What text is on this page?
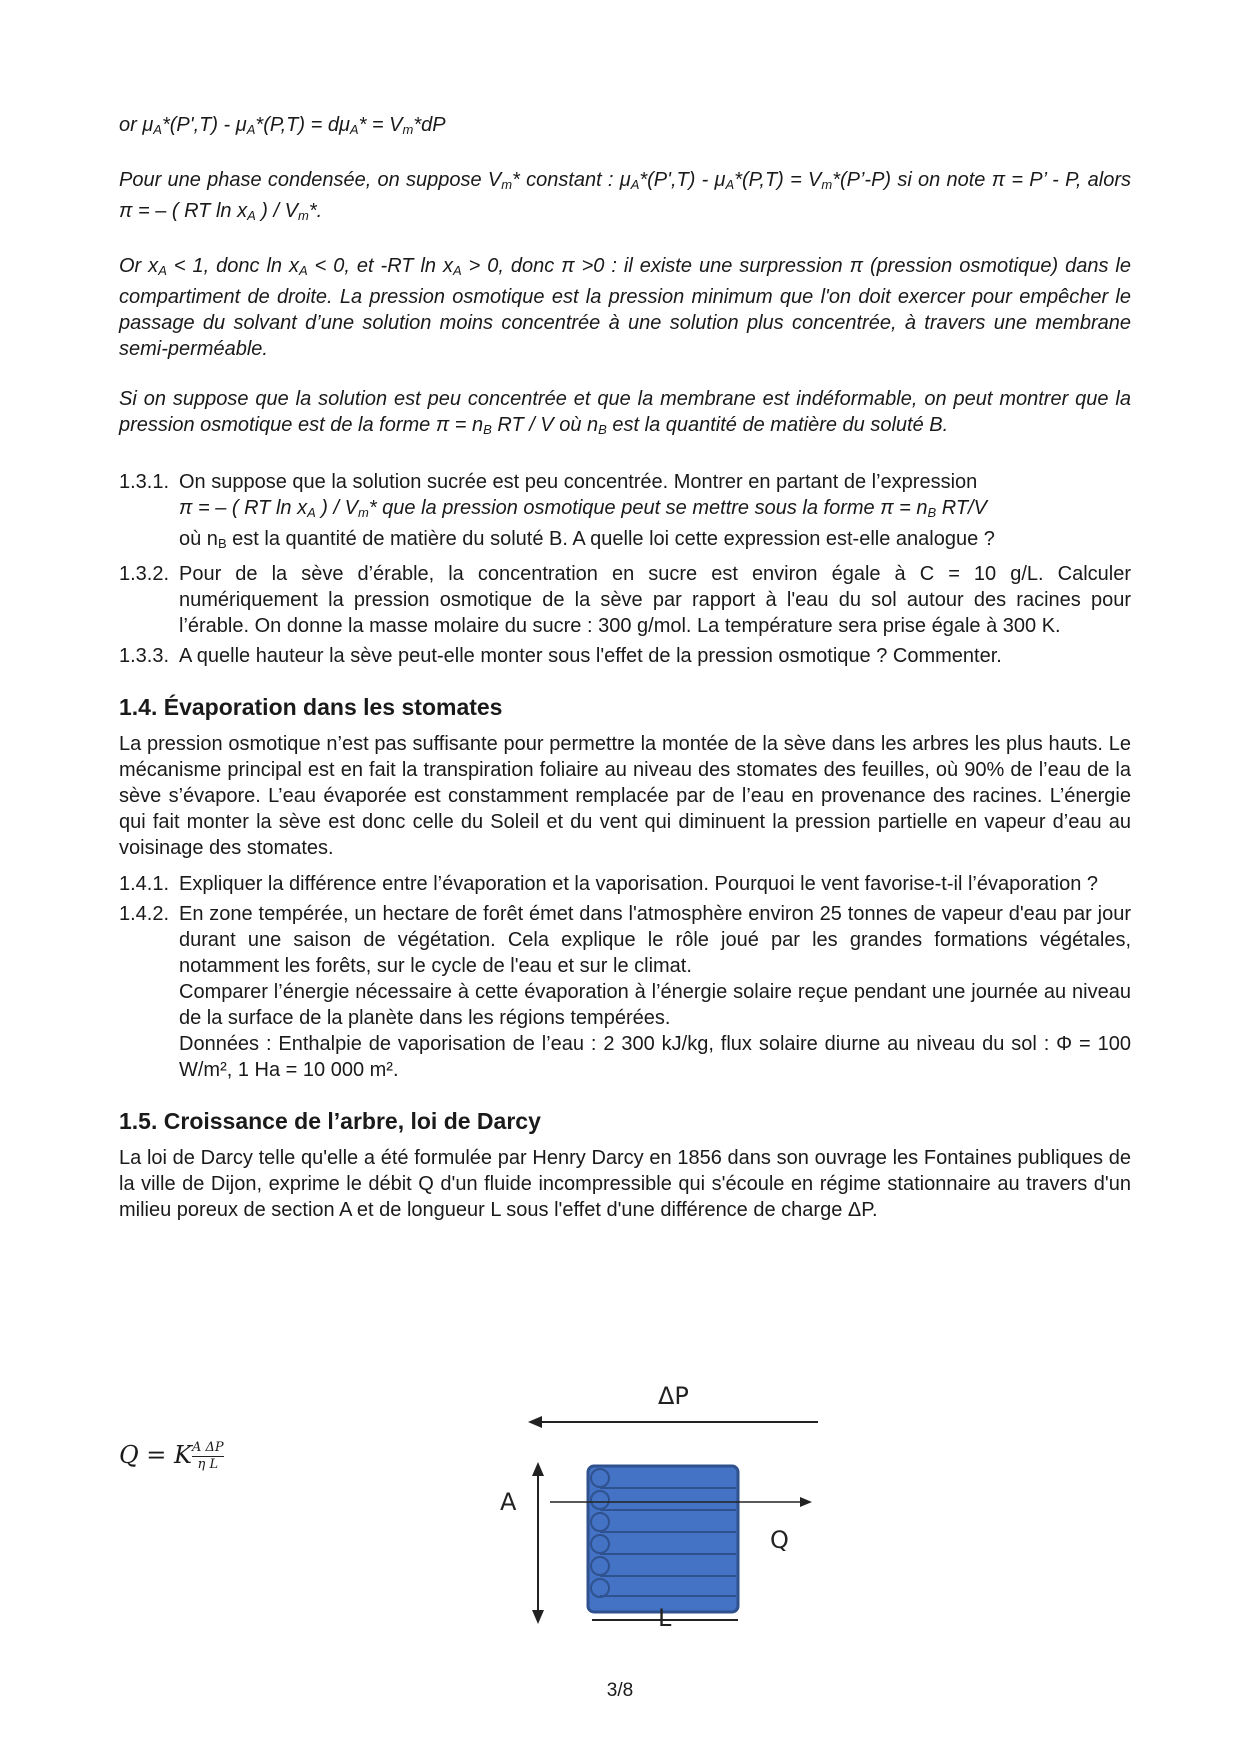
or $\mu_A*(P',T) - \mu_A*(P,T) = d\mu_A* = V_m*dP$

Pour une phase condensée, on suppose $V_m*$ constant : $\mu_A*(P',T) - \mu_A*(P,T)$ = $V_m*(P’-P)$ si on note π = P’ - P, alors π = – ( RT $\ln x_A$ ) / $V_m*$.

Or $x_A < 1$, donc $\ln x_A < 0$, et -RT $\ln x_A > 0$, donc π >0 : il existe une surpression π (pression osmotique) dans le compartiment de droite. La pression osmotique est la pression minimum que l'on doit exercer pour empêcher le passage du solvant d’une solution moins concentrée à une solution plus concentrée, à travers une membrane semi-perméable.

Si on suppose que la solution est peu concentrée et que la membrane est indéformable, on peut montrer que la pression osmotique est de la forme $\pi = n_B$ RT / V où $n_B$ est la quantité de matière du soluté B.

1.3.1. On suppose que la solution sucrée est peu concentrée. Montrer en partant de l’expression

π = – ( RT $\ln x_A$ ) / $V_m*$ que la pression osmotique peut se mettre sous la forme $\pi = n_B$ RT/V

où $n_B$ est la quantité de matière du soluté B. A quelle loi cette expression est-elle analogue ?

1.3.2. Pour de la sève d’érable, la concentration en sucre est environ égale à C = 10 g/L. Calculer numériquement la pression osmotique de la sève par rapport à l'eau du sol autour des racines pour l’érable. On donne la masse molaire du sucre : 300 g/mol. La température sera prise égale à 300 K.

1.3.3. A quelle hauteur la sève peut-elle monter sous l'effet de la pression osmotique ? Commenter.

1.4. Évaporation dans les stomates

La pression osmotique n’est pas suffisante pour permettre la montée de la sève dans les arbres les plus hauts. Le mécanisme principal est en fait la transpiration foliaire au niveau des stomates des feuilles, où 90% de l’eau de la sève s’évapore. L’eau évaporée est constamment remplacée par de l’eau en provenance des racines. L’énergie qui fait monter la sève est donc celle du Soleil et du vent qui diminuent la pression partielle en vapeur d’eau au voisinage des stomates.

1.4.1. Expliquer la différence entre l’évaporation et la vaporisation. Pourquoi le vent favorise-t-il l’évaporation ?

1.4.2. En zone tempérée, un hectare de forêt émet dans l'atmosphère environ 25 tonnes de vapeur d'eau par jour durant une saison de végétation. Cela explique le rôle joué par les grandes formations végétales, notamment les forêts, sur le cycle de l'eau et sur le climat.

Comparer l’énergie nécessaire à cette évaporation à l’énergie solaire reçue pendant une journée au niveau de la surface de la planète dans les régions tempérées.

Données : Enthalpie de vaporisation de l’eau : 2 300 kJ/kg, flux solaire diurne au niveau du sol : Φ = 100 W/m², 1 Ha = 10 000 m².

1.5. Croissance de l’arbre, loi de Darcy

La loi de Darcy telle qu'elle a été formulée par Henry Darcy en 1856 dans son ouvrage les Fontaines publiques de la ville de Dijon, exprime le débit Q d'un fluide incompressible qui s'écoule en régime stationnaire au travers d'un milieu poreux de section A et de longueur L sous l'effet d'une différence de charge ΔP.

Q = K $\frac{\text{A ΔP}}{\text{η L}}$
ΔP
A
Q
L
3/8
